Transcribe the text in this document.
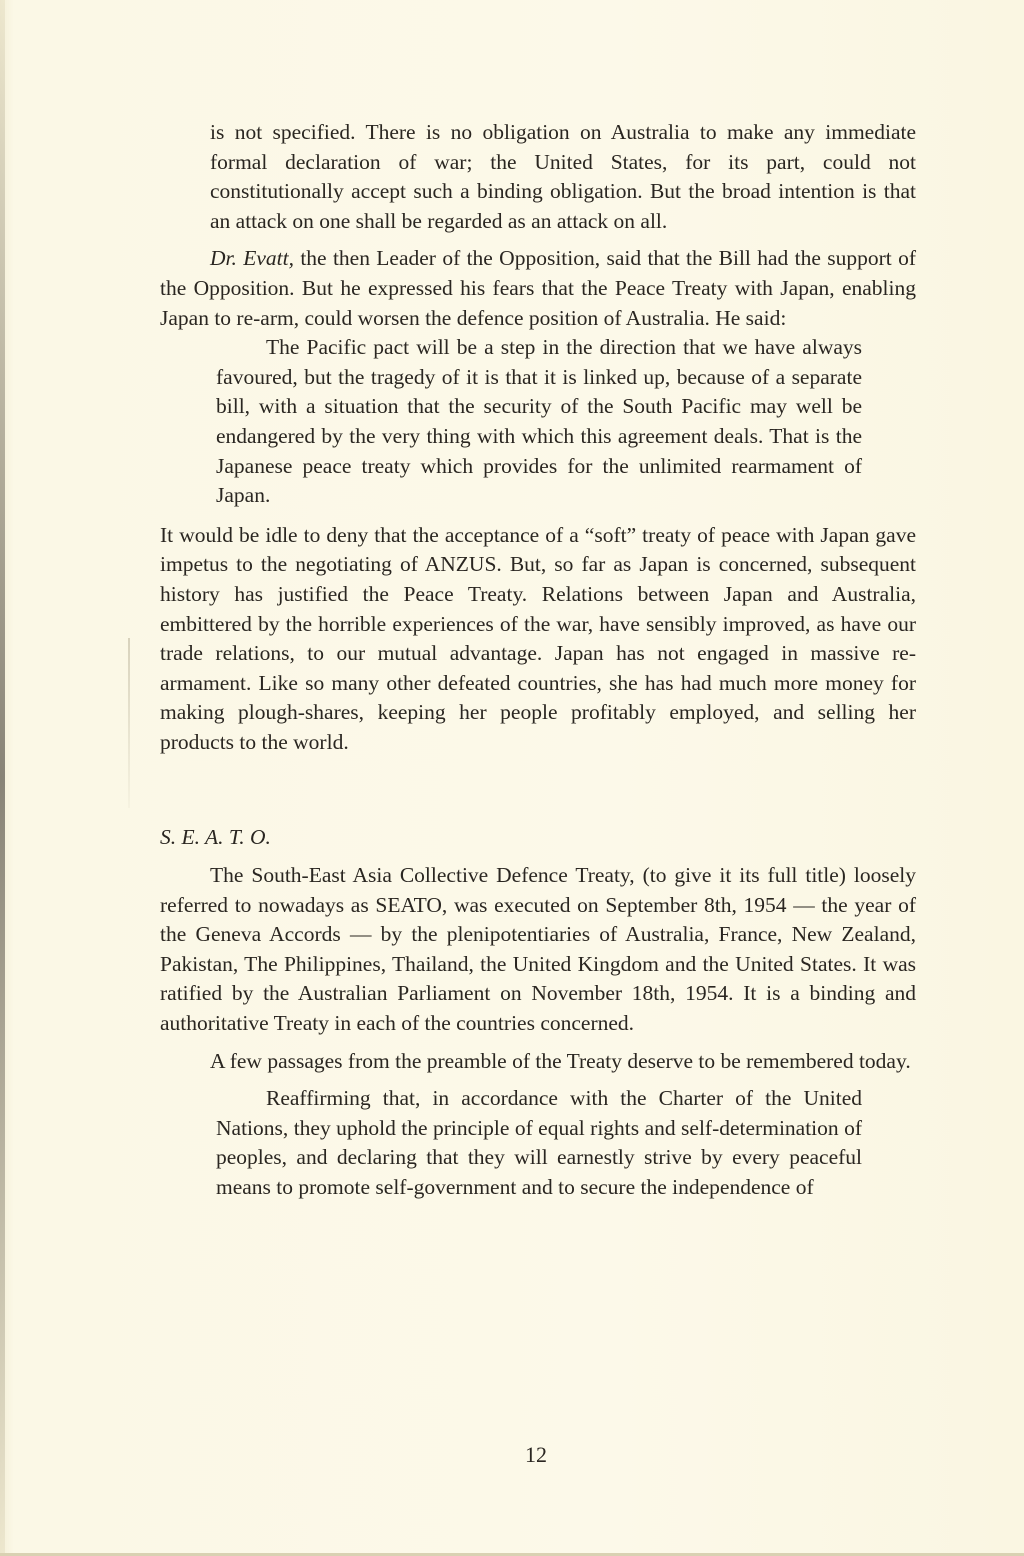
is not specified. There is no obligation on Australia to make any immediate formal declaration of war; the United States, for its part, could not constitutionally accept such a binding obligation. But the broad intention is that an attack on one shall be regarded as an attack on all.

Dr. Evatt, the then Leader of the Opposition, said that the Bill had the support of the Opposition. But he expressed his fears that the Peace Treaty with Japan, enabling Japan to re-arm, could worsen the defence position of Australia. He said:

The Pacific pact will be a step in the direction that we have always favoured, but the tragedy of it is that it is linked up, because of a separate bill, with a situation that the security of the South Pacific may well be endangered by the very thing with which this agreement deals. That is the Japanese peace treaty which provides for the unlimited rearmament of Japan.

It would be idle to deny that the acceptance of a “soft” treaty of peace with Japan gave impetus to the negotiating of ANZUS. But, so far as Japan is concerned, subsequent history has justified the Peace Treaty. Relations between Japan and Australia, embittered by the horrible experiences of the war, have sensibly improved, as have our trade relations, to our mutual advantage. Japan has not engaged in massive re-armament. Like so many other defeated countries, she has had much more money for making plough-shares, keeping her people profitably employed, and selling her products to the world.

S. E. A. T. O.

The South-East Asia Collective Defence Treaty, (to give it its full title) loosely referred to nowadays as SEATO, was executed on September 8th, 1954 — the year of the Geneva Accords — by the plenipotentiaries of Australia, France, New Zealand, Pakistan, The Philippines, Thailand, the United Kingdom and the United States. It was ratified by the Australian Parliament on November 18th, 1954. It is a binding and authoritative Treaty in each of the countries concerned.

A few passages from the preamble of the Treaty deserve to be remembered today.

Reaffirming that, in accordance with the Charter of the United Nations, they uphold the principle of equal rights and self-determination of peoples, and declaring that they will earnestly strive by every peaceful means to promote self-government and to secure the independence of

12
